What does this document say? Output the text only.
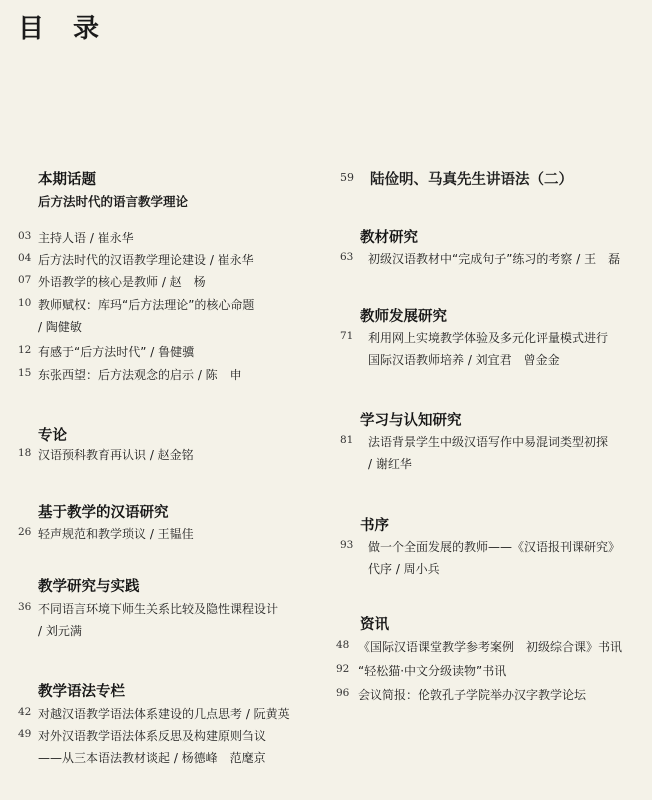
目 录
本期话题
后方法时代的语言教学理论
03 主持人语 / 崔永华
04 后方法时代的汉语教学理论建设 / 崔永华
07 外语教学的核心是教师 / 赵　杨
10 教师赋权：库玛“后方法理论”的核心命题
/ 陶健敏
12 有感于“后方法时代” / 鲁健骥
15 东张西望：后方法观念的启示 / 陈　申
专论
18 汉语预科教育再认识 / 赵金铭
基于教学的汉语研究
26 轻声规范和教学琐议 / 王韫佳
教学研究与实践
36 不同语言环境下师生关系比较及隐性课程设计
/ 刘元满
教学语法专栏
42 对越汉语教学语法体系建设的几点思考 / 阮黄英
49 对外汉语教学语法体系反思及构建原则刍议
——从三本语法教材谈起 / 杨德峰　范麾京
59 陆俭明、马真先生讲语法（二）
教材研究
63 初级汉语教材中“完成句子”练习的考察 / 王　磊
教师发展研究
71 利用网上实境教学体验及多元化评量模式进行
国际汉语教师培养 / 刘宜君　曾金金
学习与认知研究
81 法语背景学生中级汉语写作中易混词类型初探
/ 谢红华
书序
93 做一个全面发展的教师——《汉语报刊课研究》
代序 / 周小兵
资讯
48 《国际汉语课堂教学参考案例　初级综合课》书讯
92 “轻松猫·中文分级读物”书讯
96 会议简报：伦敦孔子学院举办汉字教学论坛
